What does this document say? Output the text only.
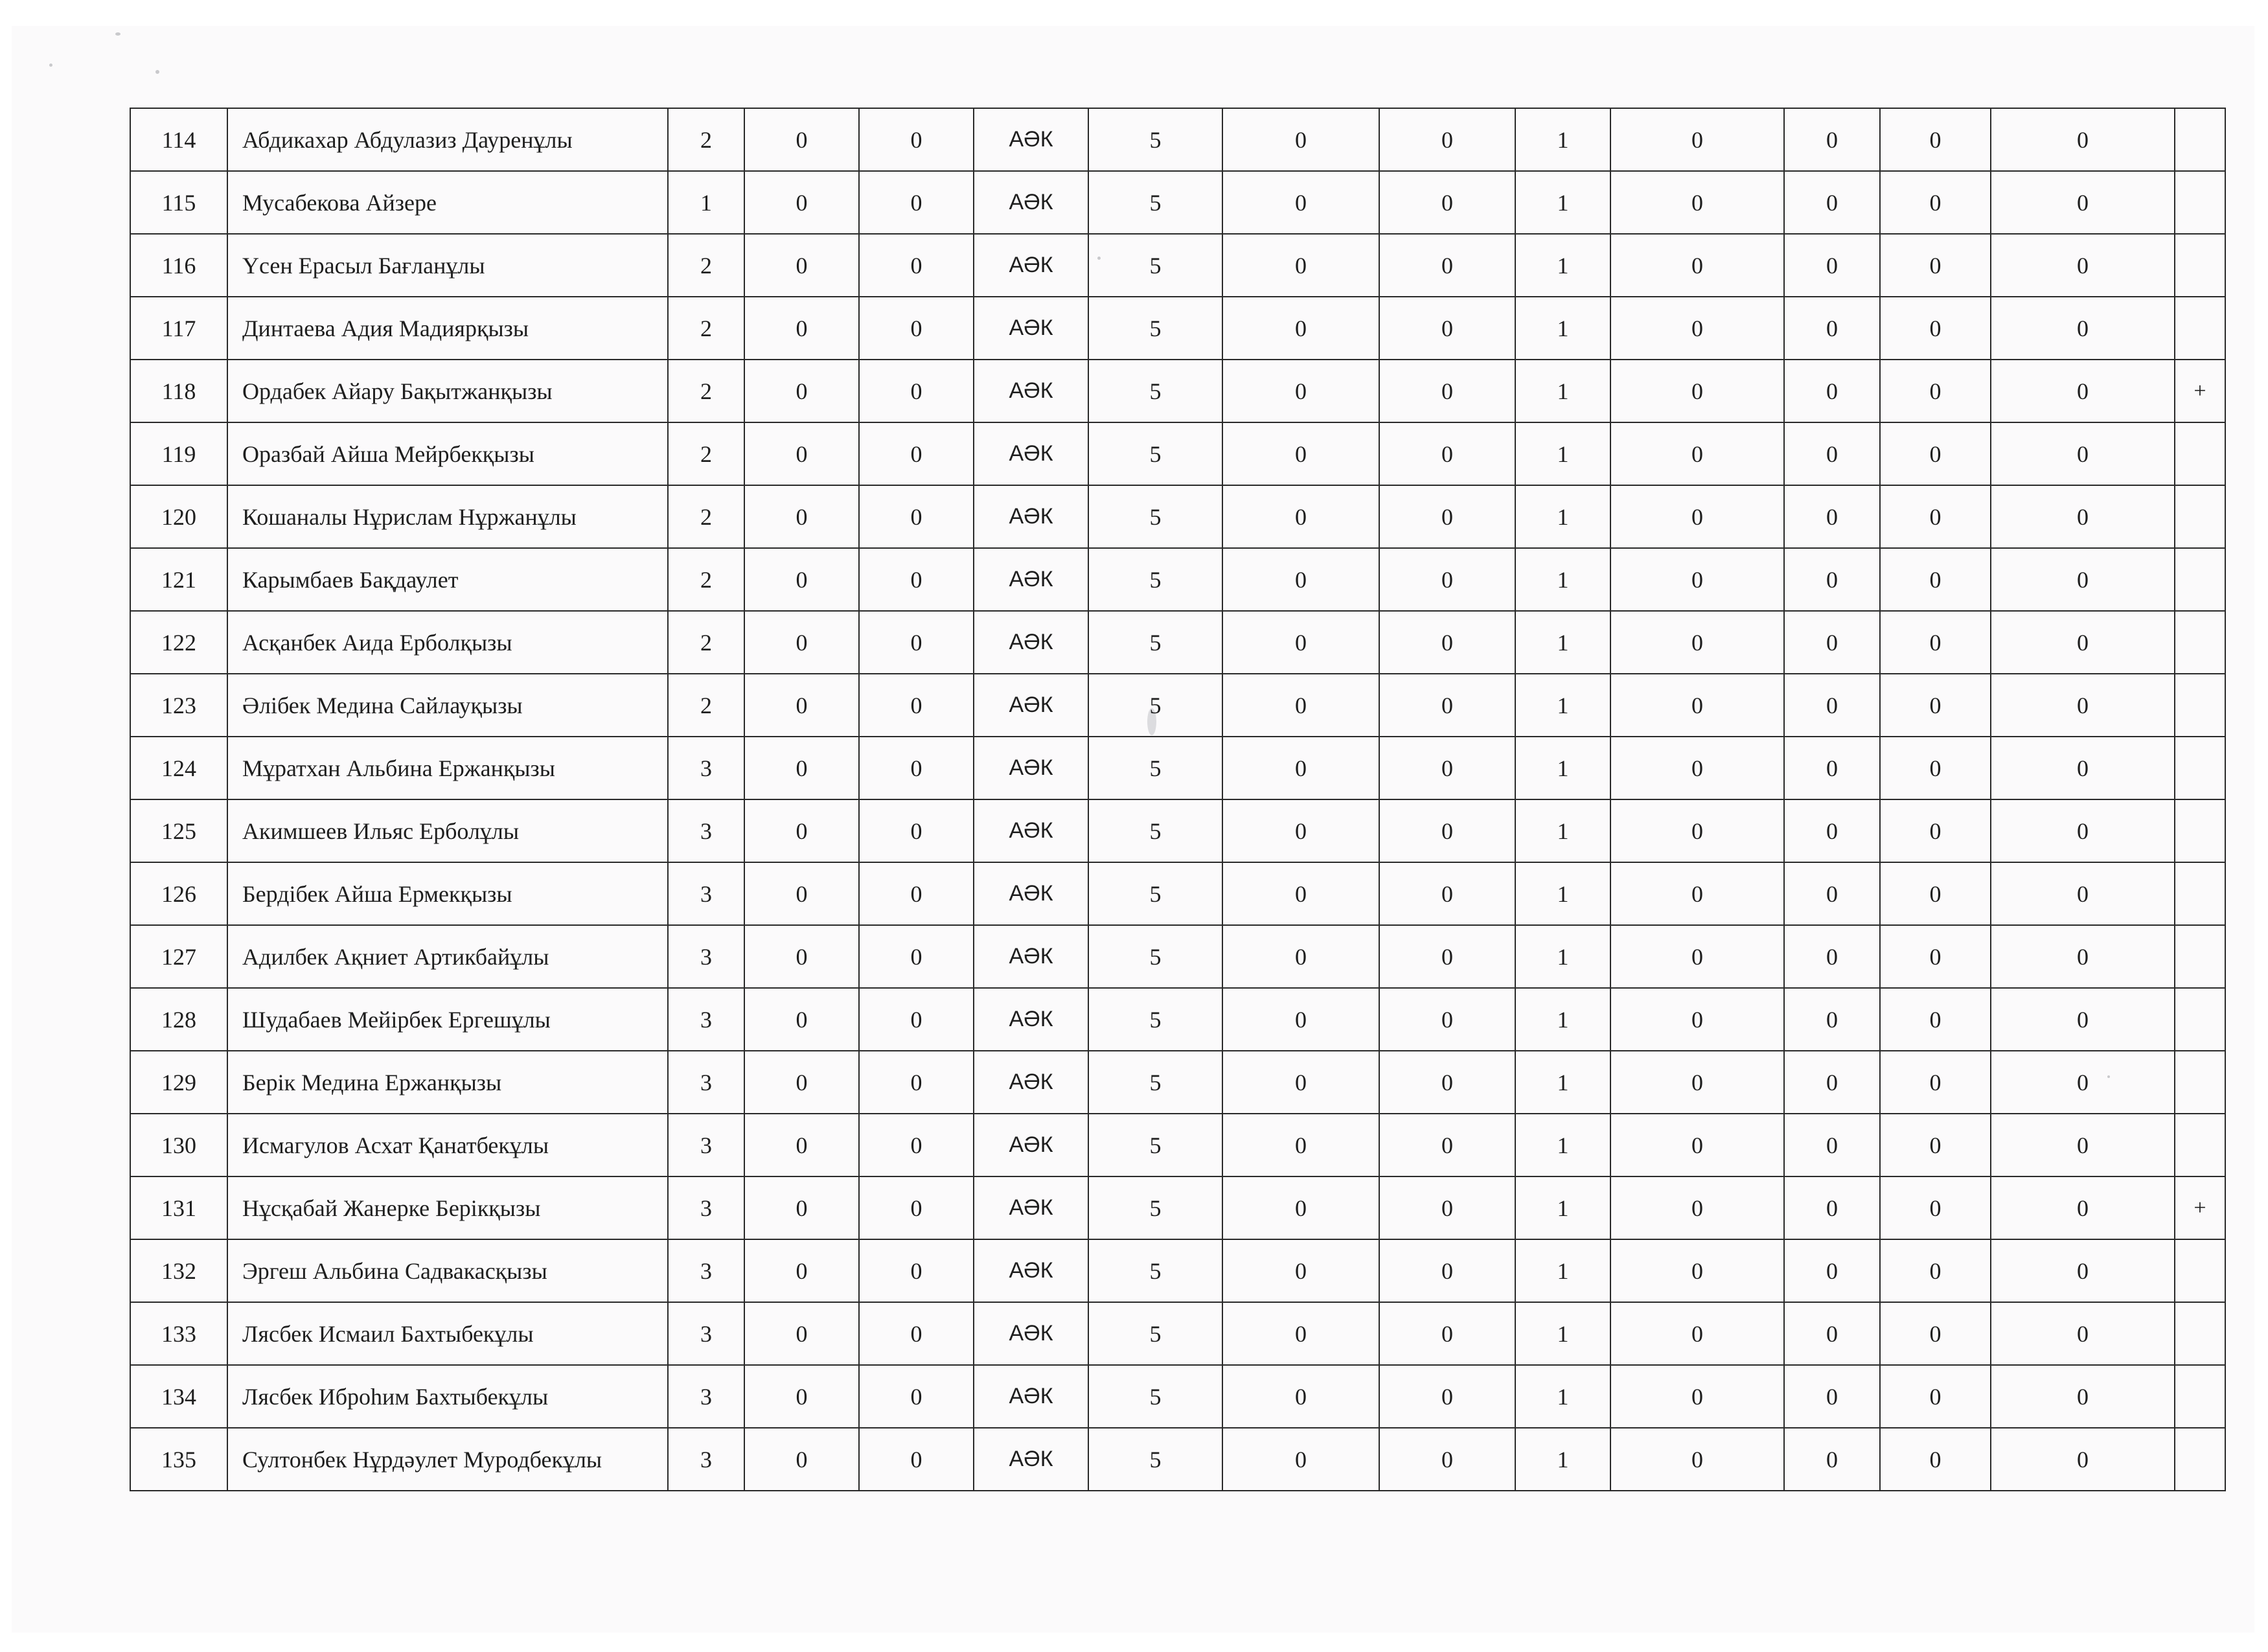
114	Абдикахар Абдулазиз Дауренұлы	2	0	0	АӘК	5	0	0	1	0	0	0	0	
115	Мусабекова Айзере	1	0	0	АӘК	5	0	0	1	0	0	0	0	
116	Үсен Ерасыл Бағланұлы	2	0	0	АӘК	5	0	0	1	0	0	0	0	
117	Динтаева Адия Мадиярқызы	2	0	0	АӘК	5	0	0	1	0	0	0	0	
118	Ордабек Айару Бақытжанқызы	2	0	0	АӘК	5	0	0	1	0	0	0	0	+
119	Оразбай Айша Мейрбекқызы	2	0	0	АӘК	5	0	0	1	0	0	0	0	
120	Кошаналы Нұрислам Нұржанұлы	2	0	0	АӘК	5	0	0	1	0	0	0	0	
121	Карымбаев Бақдаулет	2	0	0	АӘК	5	0	0	1	0	0	0	0	
122	Асқанбек Аида Ерболқызы	2	0	0	АӘК	5	0	0	1	0	0	0	0	
123	Әлібек Медина Сайлауқызы	2	0	0	АӘК	5	0	0	1	0	0	0	0	
124	Мұратхан Альбина Ержанқызы	3	0	0	АӘК	5	0	0	1	0	0	0	0	
125	Акимшеев Ильяс Ерболұлы	3	0	0	АӘК	5	0	0	1	0	0	0	0	
126	Бердібек Айша Ермекқызы	3	0	0	АӘК	5	0	0	1	0	0	0	0	
127	Адилбек Ақниет Артикбайұлы	3	0	0	АӘК	5	0	0	1	0	0	0	0	
128	Шудабаев Мейірбек Ергешұлы	3	0	0	АӘК	5	0	0	1	0	0	0	0	
129	Берік Медина Ержанқызы	3	0	0	АӘК	5	0	0	1	0	0	0	0	
130	Исмагулов Асхат Қанатбекұлы	3	0	0	АӘК	5	0	0	1	0	0	0	0	
131	Нұсқабай Жанерке Берікқызы	3	0	0	АӘК	5	0	0	1	0	0	0	0	+
132	Эргеш Альбина Садвакасқызы	3	0	0	АӘК	5	0	0	1	0	0	0	0	
133	Лясбек Исмаил Бахтыбекұлы	3	0	0	АӘК	5	0	0	1	0	0	0	0	
134	Лясбек Иброһим Бахтыбекұлы	3	0	0	АӘК	5	0	0	1	0	0	0	0	
135	Султонбек Нұрдәулет Муродбекұлы	3	0	0	АӘК	5	0	0	1	0	0	0	0	
